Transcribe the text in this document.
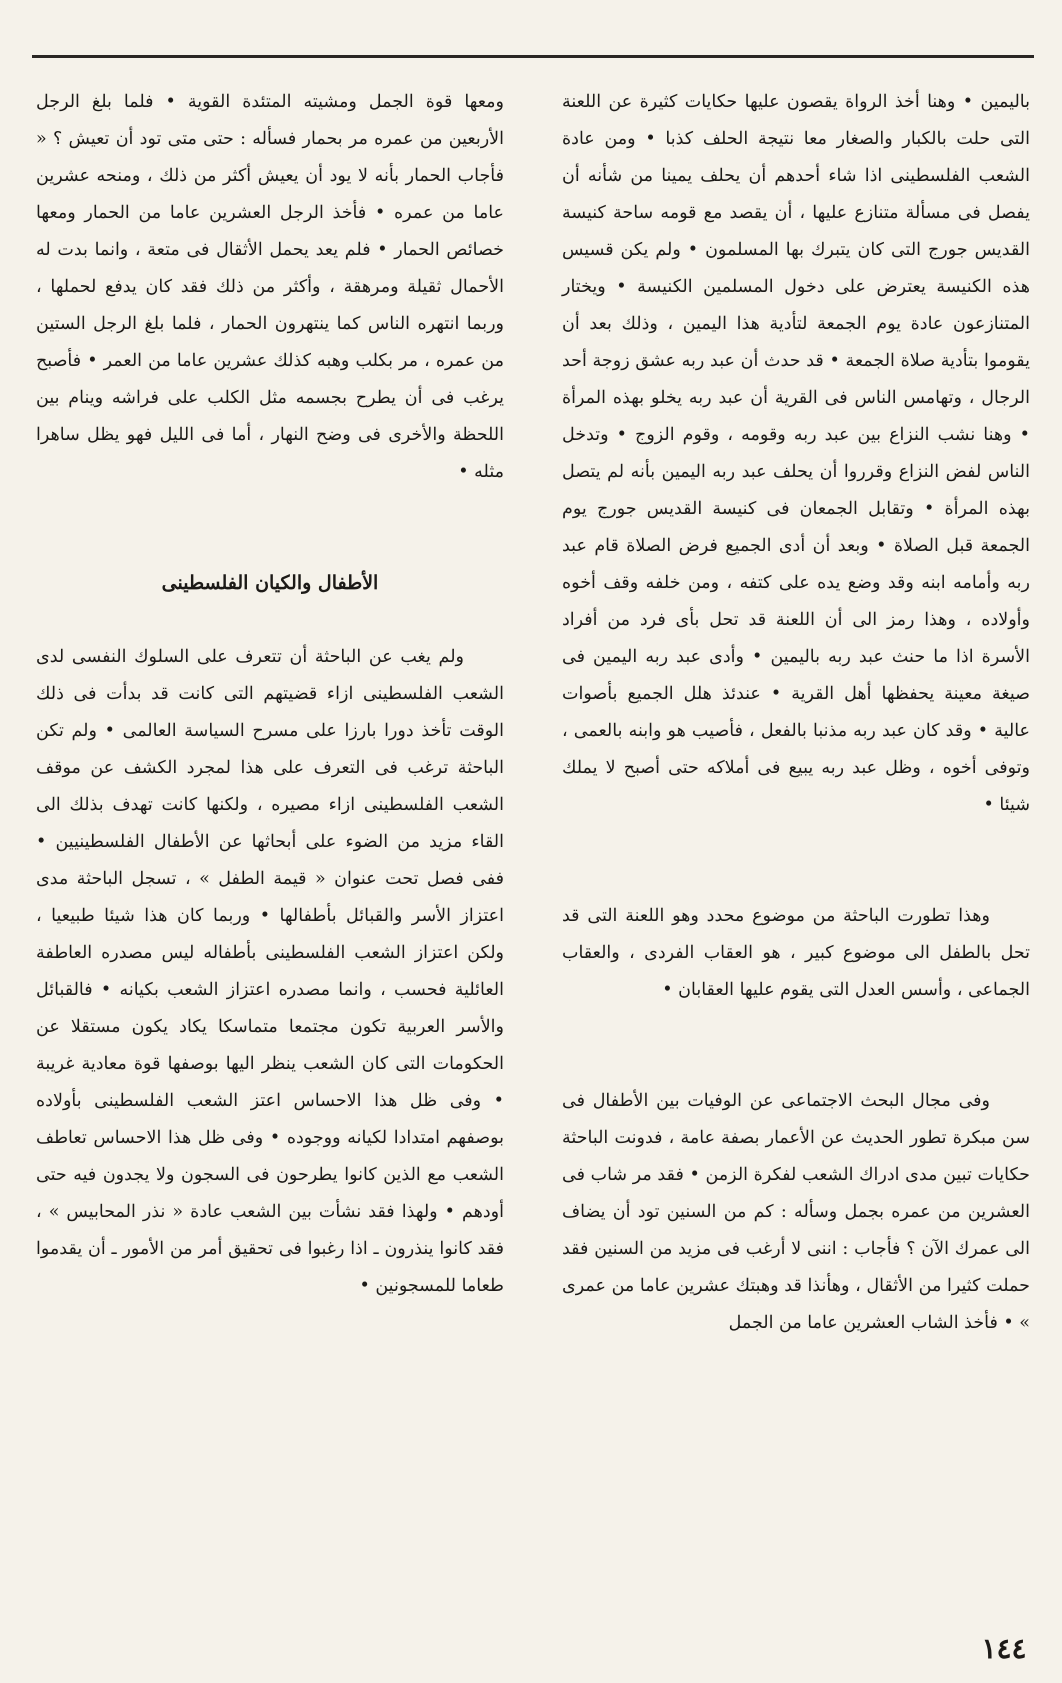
باليمين • وهنا أخذ الرواة يقصون عليها حكايات كثيرة عن اللعنة التى حلت بالكبار والصغار معا نتيجة الحلف كذبا • ومن عادة الشعب الفلسطينى اذا شاء أحدهم أن يحلف يمينا من شأنه أن يفصل فى مسألة متنازع عليها ، أن يقصد مع قومه ساحة كنيسة القديس جورج التى كان يتبرك بها المسلمون • ولم يكن قسيس هذه الكنيسة يعترض على دخول المسلمين الكنيسة • ويختار المتنازعون عادة يوم الجمعة لتأدية هذا اليمين ، وذلك بعد أن يقوموا بتأدية صلاة الجمعة • قد حدث أن عبد ربه عشق زوجة أحد الرجال ، وتهامس الناس فى القرية أن عبد ربه يخلو بهذه المرأة • وهنا نشب النزاع بين عبد ربه وقومه ، وقوم الزوج • وتدخل الناس لفض النزاع وقرروا أن يحلف عبد ربه اليمين بأنه لم يتصل بهذه المرأة • وتقابل الجمعان فى كنيسة القديس جورج يوم الجمعة قبل الصلاة • وبعد أن أدى الجميع فرض الصلاة قام عبد ربه وأمامه ابنه وقد وضع يده على كتفه ، ومن خلفه وقف أخوه وأولاده ، وهذا رمز الى أن اللعنة قد تحل بأى فرد من أفراد الأسرة اذا ما حنث عبد ربه باليمين • وأدى عبد ربه اليمين فى صيغة معينة يحفظها أهل القرية • عندئذ هلل الجميع بأصوات عالية • وقد كان عبد ربه مذنبا بالفعل ، فأصيب هو وابنه بالعمى ، وتوفى أخوه ، وظل عبد ربه يبيع فى أملاكه حتى أصبح لا يملك شيئا •

وهذا تطورت الباحثة من موضوع محدد وهو اللعنة التى قد تحل بالطفل الى موضوع كبير ، هو العقاب الفردى ، والعقاب الجماعى ، وأسس العدل التى يقوم عليها العقابان •

وفى مجال البحث الاجتماعى عن الوفيات بين الأطفال فى سن مبكرة تطور الحديث عن الأعمار بصفة عامة ، فدونت الباحثة حكايات تبين مدى ادراك الشعب لفكرة الزمن • فقد مر شاب فى العشرين من عمره بجمل وسأله : كم من السنين تود أن يضاف الى عمرك الآن ؟ فأجاب : اننى لا أرغب فى مزيد من السنين فقد حملت كثيرا من الأثقال ، وهأنذا قد وهبتك عشرين عاما من عمرى » • فأخذ الشاب العشرين عاما من الجمل

ومعها قوة الجمل ومشيته المتئدة القوية • فلما بلغ الرجل الأربعين من عمره مر بحمار فسأله : حتى متى تود أن تعيش ؟ « فأجاب الحمار بأنه لا يود أن يعيش أكثر من ذلك ، ومنحه عشرين عاما من عمره • فأخذ الرجل العشرين عاما من الحمار ومعها خصائص الحمار • فلم يعد يحمل الأثقال فى متعة ، وانما بدت له الأحمال ثقيلة ومرهقة ، وأكثر من ذلك فقد كان يدفع لحملها ، وربما انتهره الناس كما ينتهرون الحمار ، فلما بلغ الرجل الستين من عمره ، مر بكلب وهبه كذلك عشرين عاما من العمر • فأصبح يرغب فى أن يطرح بجسمه مثل الكلب على فراشه وينام بين اللحظة والأخرى فى وضح النهار ، أما فى الليل فهو يظل ساهرا مثله •

الأطفال والكيان الفلسطينى

ولم يغب عن الباحثة أن تتعرف على السلوك النفسى لدى الشعب الفلسطينى ازاء قضيتهم التى كانت قد بدأت فى ذلك الوقت تأخذ دورا بارزا على مسرح السياسة العالمى • ولم تكن الباحثة ترغب فى التعرف على هذا لمجرد الكشف عن موقف الشعب الفلسطينى ازاء مصيره ، ولكنها كانت تهدف بذلك الى القاء مزيد من الضوء على أبحاثها عن الأطفال الفلسطينيين • ففى فصل تحت عنوان « قيمة الطفل » ، تسجل الباحثة مدى اعتزاز الأسر والقبائل بأطفالها • وربما كان هذا شيئا طبيعيا ، ولكن اعتزاز الشعب الفلسطينى بأطفاله ليس مصدره العاطفة العائلية فحسب ، وانما مصدره اعتزاز الشعب بكيانه • فالقبائل والأسر العربية تكون مجتمعا متماسكا يكاد يكون مستقلا عن الحكومات التى كان الشعب ينظر اليها بوصفها قوة معادية غريبة • وفى ظل هذا الاحساس اعتز الشعب الفلسطينى بأولاده بوصفهم امتدادا لكيانه ووجوده • وفى ظل هذا الاحساس تعاطف الشعب مع الذين كانوا يطرحون فى السجون ولا يجدون فيه حتى أودهم • ولهذا فقد نشأت بين الشعب عادة « نذر المحابيس » ، فقد كانوا ينذرون ـ اذا رغبوا فى تحقيق أمر من الأمور ـ أن يقدموا طعاما للمسجونين •

١٤٤
